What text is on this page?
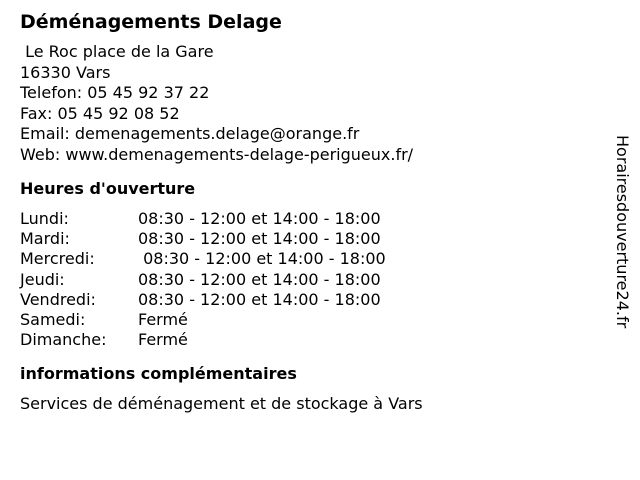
Déménagements Delage
Le Roc place de la Gare
16330 Vars
Telefon: 05 45 92 37 22
Fax: 05 45 92 08 52
Email: demenagements.delage@orange.fr
Web: www.demenagements-delage-perigueux.fr/
Heures d'ouverture
Lundi:	08:30 - 12:00 et 14:00 - 18:00
Mardi:	08:30 - 12:00 et 14:00 - 18:00
Mercredi:	08:30 - 12:00 et 14:00 - 18:00
Jeudi:	08:30 - 12:00 et 14:00 - 18:00
Vendredi:	08:30 - 12:00 et 14:00 - 18:00
Samedi:	Fermé
Dimanche:	Fermé
informations complémentaires
Services de déménagement et de stockage à Vars
Horairesdouverture24.fr
